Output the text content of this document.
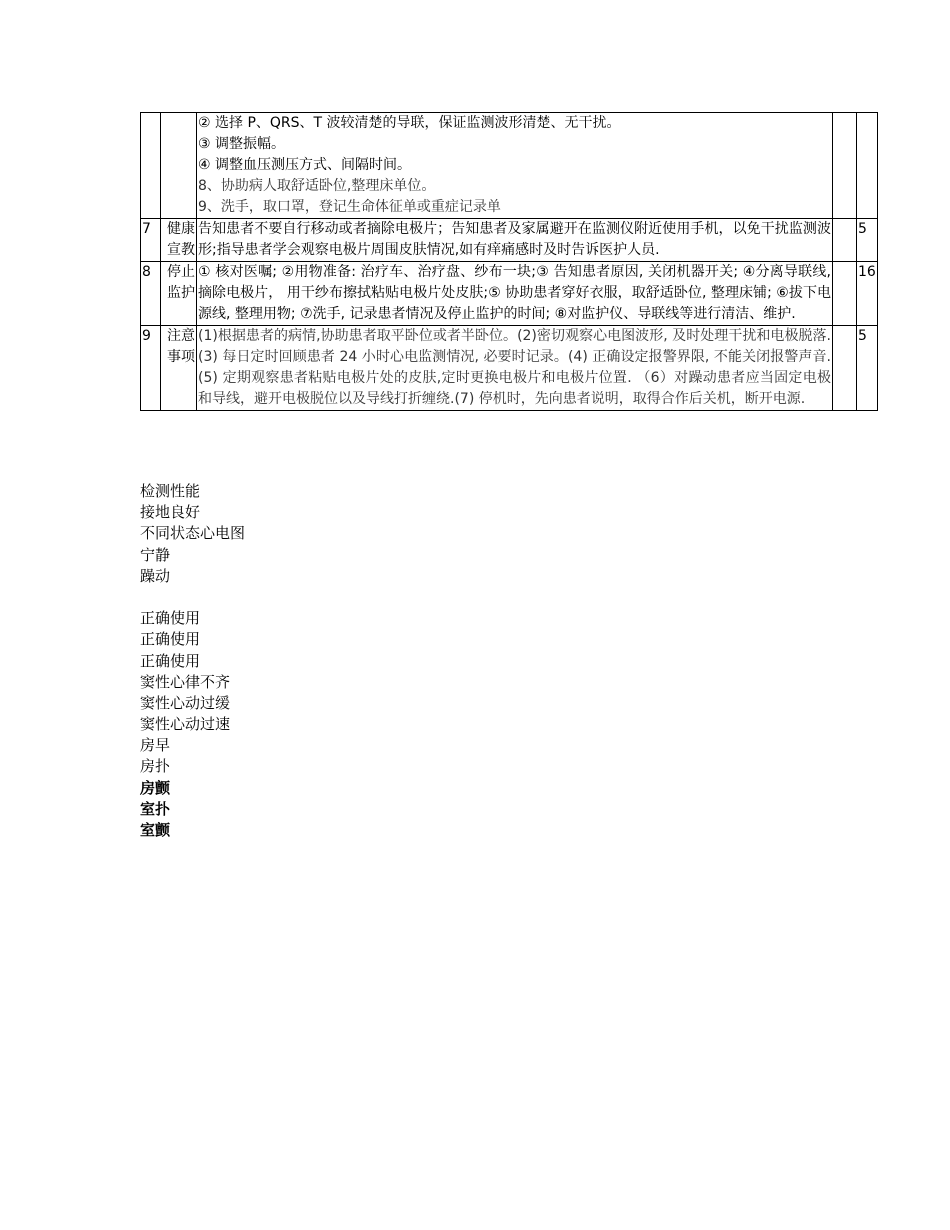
		② 选择 P、QRS、T 波较清楚的导联，保证监测波形清楚、无干扰。
③ 调整振幅。
④ 调整血压测压方式、间隔时间。
8、协助病人取舒适卧位,整理床单位。
9、洗手，取口罩，登记生命体征单或重症记录单		

7	健康宣教	告知患者不要自行移动或者摘除电极片；告知患者及家属避开在监测仪附近使用手机，以免干扰监测波形;指导患者学会观察电极片周围皮肤情况,如有痒痛感时及时告诉医护人员.		5
8	停止监护	① 核对医嘱; ②用物准备: 治疗车、治疗盘、纱布一块;③ 告知患者原因, 关闭机器开关; ④分离导联线,摘除电极片， 用干纱布擦拭粘贴电极片处皮肤;⑤ 协助患者穿好衣服，取舒适卧位, 整理床铺; ⑥拔下电源线, 整理用物; ⑦洗手, 记录患者情况及停止监护的时间; ⑧对监护仪、导联线等进行清洁、维护.		16
9	注意事项	(1)根据患者的病情,协助患者取平卧位或者半卧位。(2)密切观察心电图波形, 及时处理干扰和电极脱落. (3) 每日定时回顾患者 24 小时心电监测情况, 必要时记录。(4) 正确设定报警界限, 不能关闭报警声音.(5) 定期观察患者粘贴电极片处的皮肤,定时更换电极片和电极片位置. （6）对躁动患者应当固定电极和导线，避开电极脱位以及导线打折缠绕.(7) 停机时，先向患者说明，取得合作后关机，断开电源.		5
检测性能
接地良好
不同状态心电图
宁静
躁动
正确使用
正确使用
正确使用
窦性心律不齐
窦性心动过缓
窦性心动过速
房早
房扑
房颤
室扑
室颤
